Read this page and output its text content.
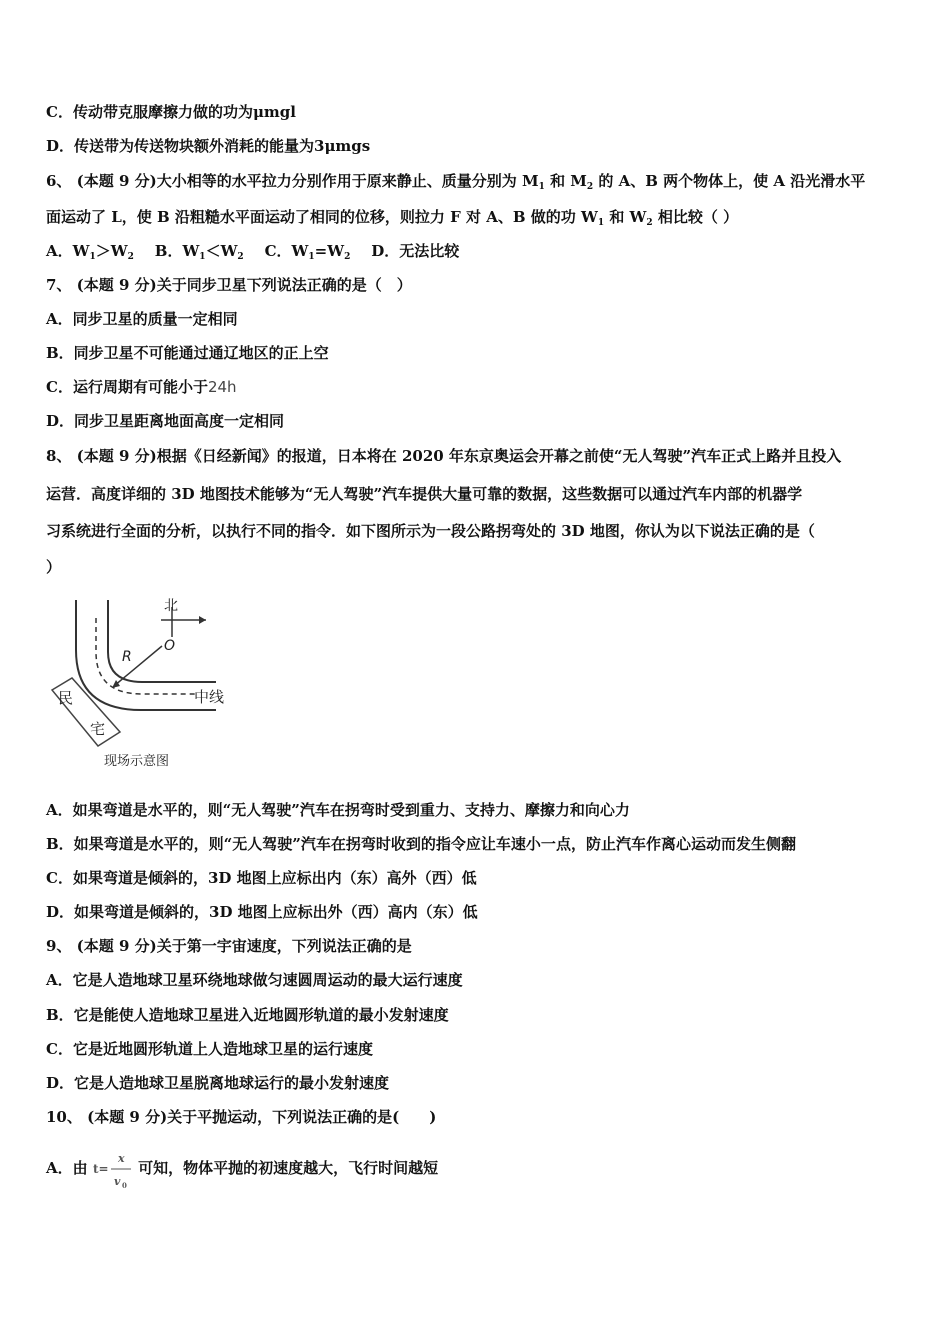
C．传动带克服摩擦力做的功为μmgl
D．传送带为传送物块额外消耗的能量为3μmgs
6、 (本题 9 分)大小相等的水平拉力分别作用于原来静止、质量分别为 $M_1$ 和 $M_2$ 的 A、B 两个物体上，使 A 沿光滑水平
面运动了 L，使 B 沿粗糙水平面运动了相同的位移，则拉力 F 对 A、B 做的功 $W_1$ 和 $W_2$ 相比较（ ）
A．$W_1>W_2$ B．$W_1<W_2$ C．$W_1=W_2$ D．无法比较
7、 (本题 9 分)关于同步卫星下列说法正确的是（　）
A．同步卫星的质量一定相同
B．同步卫星不可能通过通辽地区的正上空
C．运行周期有可能小于24h
D．同步卫星距离地面高度一定相同
8、 (本题 9 分)根据《日经新闻》的报道，日本将在 2020 年东京奥运会开幕之前使“无人驾驶”汽车正式上路并且投入
运营．高度详细的 3D 地图技术能够为“无人驾驶”汽车提供大量可靠的数据，这些数据可以通过汽车内部的机器学
习系统进行全面的分析，以执行不同的指令．如下图所示为一段公路拐弯处的 3D 地图，你认为以下说法正确的是（
）
北
O
R
中线
民
宅
现场示意图
A．如果弯道是水平的，则“无人驾驶”汽车在拐弯时受到重力、支持力、摩擦力和向心力
B．如果弯道是水平的，则“无人驾驶”汽车在拐弯时收到的指令应让车速小一点，防止汽车作离心运动而发生侧翻
C．如果弯道是倾斜的，3D 地图上应标出内（东）高外（西）低
D．如果弯道是倾斜的，3D 地图上应标出外（西）高内（东）低
9、 (本题 9 分)关于第一宇宙速度，下列说法正确的是
A．它是人造地球卫星环绕地球做匀速圆周运动的最大运行速度
B．它是能使人造地球卫星进入近地圆形轨道的最小发射速度
C．它是近地圆形轨道上人造地球卫星的运行速度
D．它是人造地球卫星脱离地球运行的最小发射速度
10、 (本题 9 分)关于平抛运动，下列说法正确的是(　　)
A．由 t=
x
v 0
可知，物体平抛的初速度越大，飞行时间越短
